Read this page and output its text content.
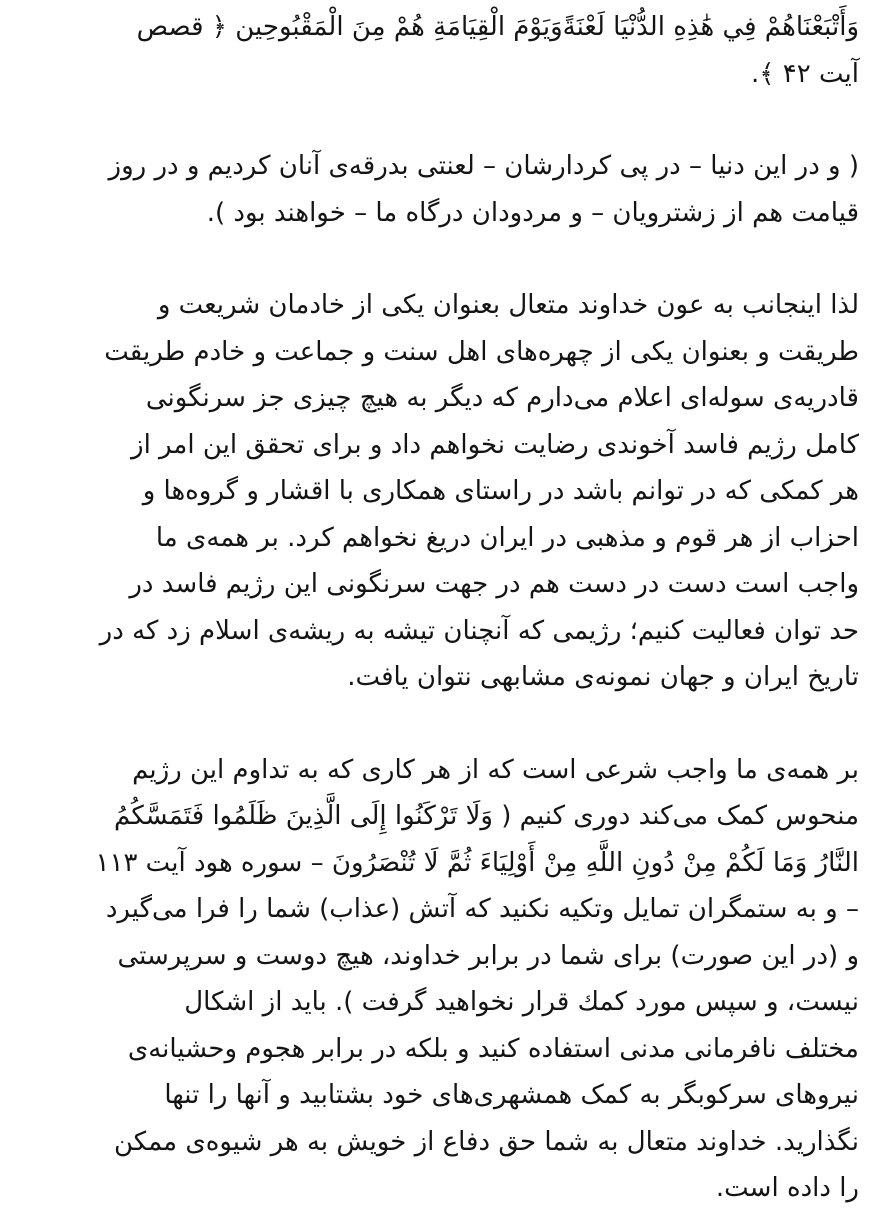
وَأَتْبَعْنَاهُمْ فِي هَٰذِهِ الدُّنْيَا لَعْنَةًوَيَوْمَ الْقِيَامَةِ هُمْ مِنَ الْمَقْبُوحِين ﴿ قصص
آیت ۴۲ ﴾.

( و در این دنیا – در پی کردارشان – لعنتی بدرقه‌ی آنان کردیم و در روز
قیامت هم از زشترویان – و مردودان درگاه ما – خواهند بود ).

لذا اینجانب به عون خداوند متعال بعنوان یکی از خادمان شریعت و
طریقت و بعنوان یکی از چهره‌های اهل سنت و جماعت و خادم طریقت
قادریه‌ی سوله‌ای اعلام می‌دارم که دیگر به هیچ چیزی جز سرنگونی
کامل رژیم فاسد آخوندی رضایت نخواهم داد و برای تحقق این امر از
هر کمکی که در توانم باشد در راستای همکاری با اقشار و گروه‌ها و
احزاب از هر قوم و مذهبی در ایران دریغ نخواهم کرد. بر همه‌ی ما
واجب است دست در دست هم در جهت سرنگونی این رژیم فاسد در
حد توان فعالیت کنیم؛ رژیمی که آنچنان تیشه به ریشه‌ی اسلام زد که در
تاریخ ایران و جهان نمونه‌ی مشابهی نتوان یافت.

بر همه‌ی ما واجب شرعی است که از هر کاری که به تداوم این رژیم
منحوس کمک می‌کند دوری کنیم ( وَلَا تَرْكَنُوا إِلَى الَّذِينَ ظَلَمُوا فَتَمَسَّكُمُ
النَّارُ وَمَا لَكُمْ مِنْ دُونِ اللَّهِ مِنْ أَوْلِيَاءَ ثُمَّ لَا تُنْصَرُونَ – سوره هود آیت ۱۱۳
– و به ستمگران تمایل وتکیه نکنید که آتش (عذاب) شما را فرا می‌گیرد
و (در این صورت) برای شما در برابر خداوند، هیچ دوست و سرپرستی
نیست، و سپس مورد کمك قرار نخواهید گرفت ). باید از اشکال
مختلف نافرمانی مدنی استفاده کنید و بلکه در برابر هجوم وحشیانه‌ی
نیروهای سرکوبگر به کمک همشهری‌های خود بشتابید و آنها را تنها
نگذارید. خداوند متعال به شما حق دفاع از خویش به هر شیوه‌ی ممکن
را داده است.
